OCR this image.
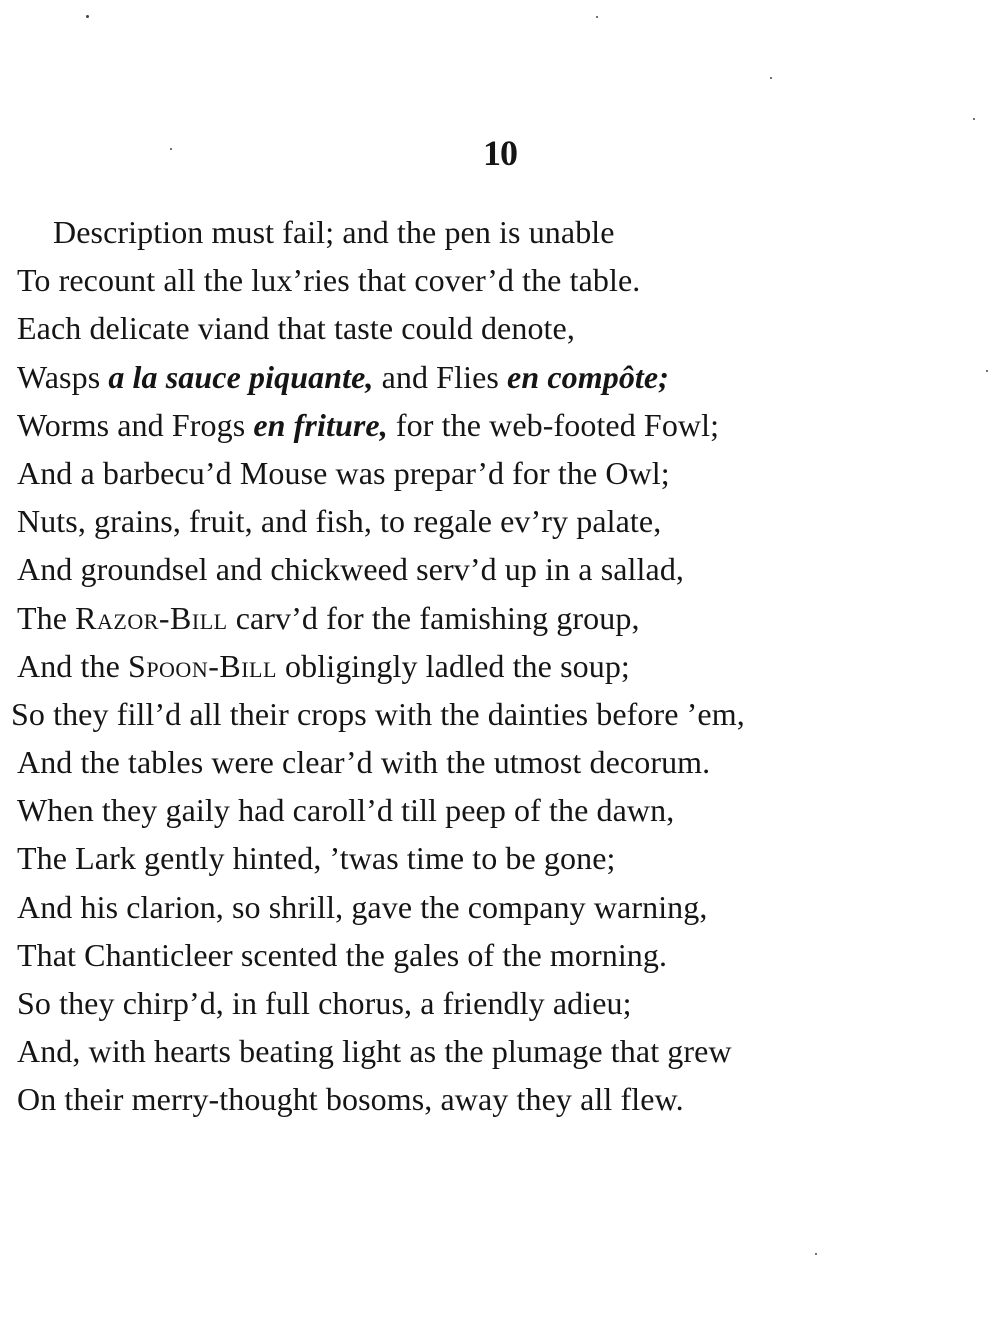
10
Description must fail; and the pen is unable
To recount all the lux’ries that cover’d the table.
Each delicate viand that taste could denote,
Wasps a la sauce piquante, and Flies en compôte;
Worms and Frogs en friture, for the web-footed Fowl;
And a barbecu’d Mouse was prepar’d for the Owl;
Nuts, grains, fruit, and fish, to regale ev’ry palate,
And groundsel and chickweed serv’d up in a sallad,
The Razor-Bill carv’d for the famishing group,
And the Spoon-Bill obligingly ladled the soup;
So they fill’d all their crops with the dainties before ’em,
And the tables were clear’d with the utmost decorum.
When they gaily had caroll’d till peep of the dawn,
The Lark gently hinted, ’twas time to be gone;
And his clarion, so shrill, gave the company warning,
That Chanticleer scented the gales of the morning.
So they chirp’d, in full chorus, a friendly adieu;
And, with hearts beating light as the plumage that grew
On their merry-thought bosoms, away they all flew.
